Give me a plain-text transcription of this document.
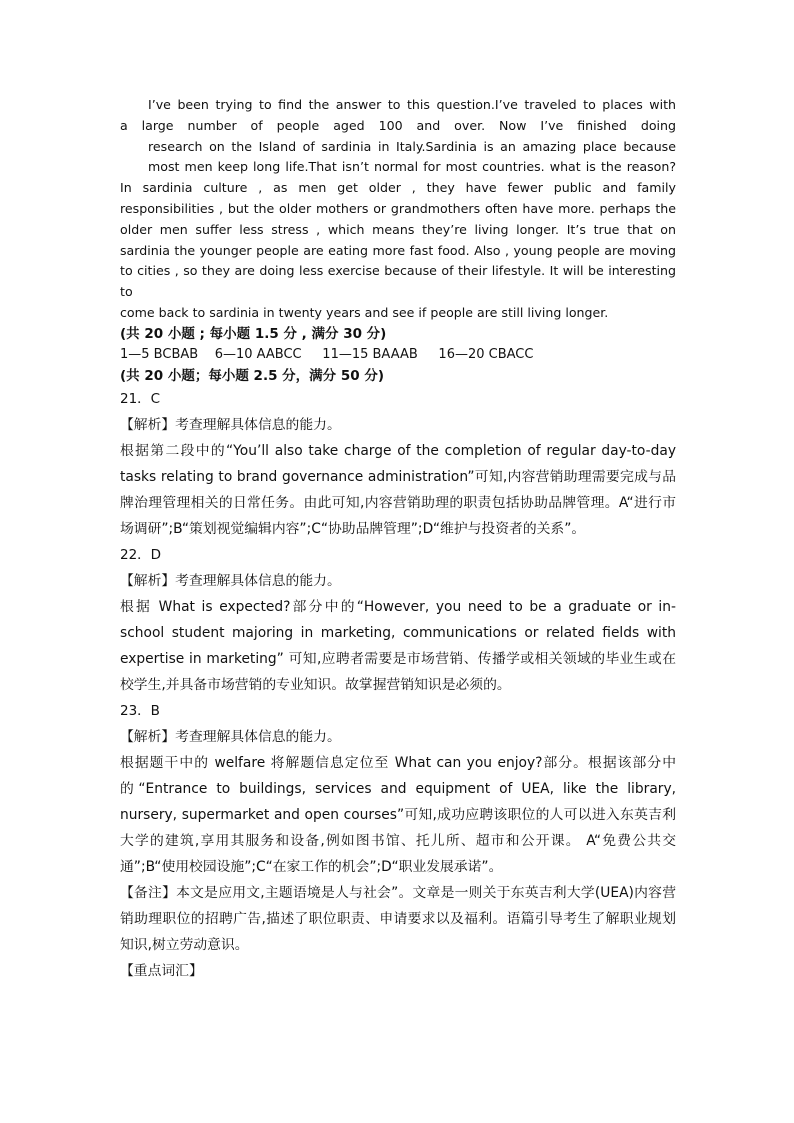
I’ve been trying to find the answer to this question.I’ve traveled to places with

a large number of people aged 100 and over. Now I’ve finished doing

research on the Island of sardinia in Italy.Sardinia is an amazing place because

most men keep long life.That isn’t normal for most countries. what is the reason?

In sardinia culture , as men get older , they have fewer public and family

responsibilities , but the older mothers or grandmothers often have more. perhaps the

older men suffer less stress , which means they’re living longer. It’s true that on

sardinia the younger people are eating more fast food. Also , young people are moving

to cities , so they are doing less exercise because of their lifestyle. It will be interesting to

come back to sardinia in twenty years and see if people are still living longer.

(共 20 小题 ; 每小题 1.5 分 , 满分 30 分)

1—5 BCBAB    6—10 AABCC     11—15 BAAAB     16—20 CBACC

(共 20 小题；每小题 2.5 分，满分 50 分)

21．C

【解析】考查理解具体信息的能力。

根据第二段中的“You’ll also take charge of the completion of regular day-to-day tasks relating to brand governance administration”可知,内容营销助理需要完成与品牌治理管理相关的日常任务。由此可知,内容营销助理的职责包括协助品牌管理。A“进行市场调研”;B“策划视觉编辑内容”;C“协助品牌管理”;D“维护与投资者的关系”。

22．D

【解析】考查理解具体信息的能力。

根据 What is expected?部分中的“However, you need to be a graduate or in-school student majoring in marketing, communications or related fields with expertise in marketing” 可知,应聘者需要是市场营销、传播学或相关领域的毕业生或在校学生,并具备市场营销的专业知识。故掌握营销知识是必须的。

23．B

【解析】考查理解具体信息的能力。

根据题干中的 welfare 将解题信息定位至 What can you enjoy?部分。根据该部分中的“Entrance to buildings, services and equipment of UEA, like the library, nursery, supermarket and open courses”可知,成功应聘该职位的人可以进入东英吉利大学的建筑,享用其服务和设备,例如图书馆、托儿所、超市和公开课。 A“免费公共交通”;B“使用校园设施”;C“在家工作的机会”;D“职业发展承诺”。

【备注】本文是应用文,主题语境是人与社会”。文章是一则关于东英吉利大学(UEA)内容营销助理职位的招聘广告,描述了职位职责、申请要求以及福利。语篇引导考生了解职业规划知识,树立劳动意识。

【重点词汇】
